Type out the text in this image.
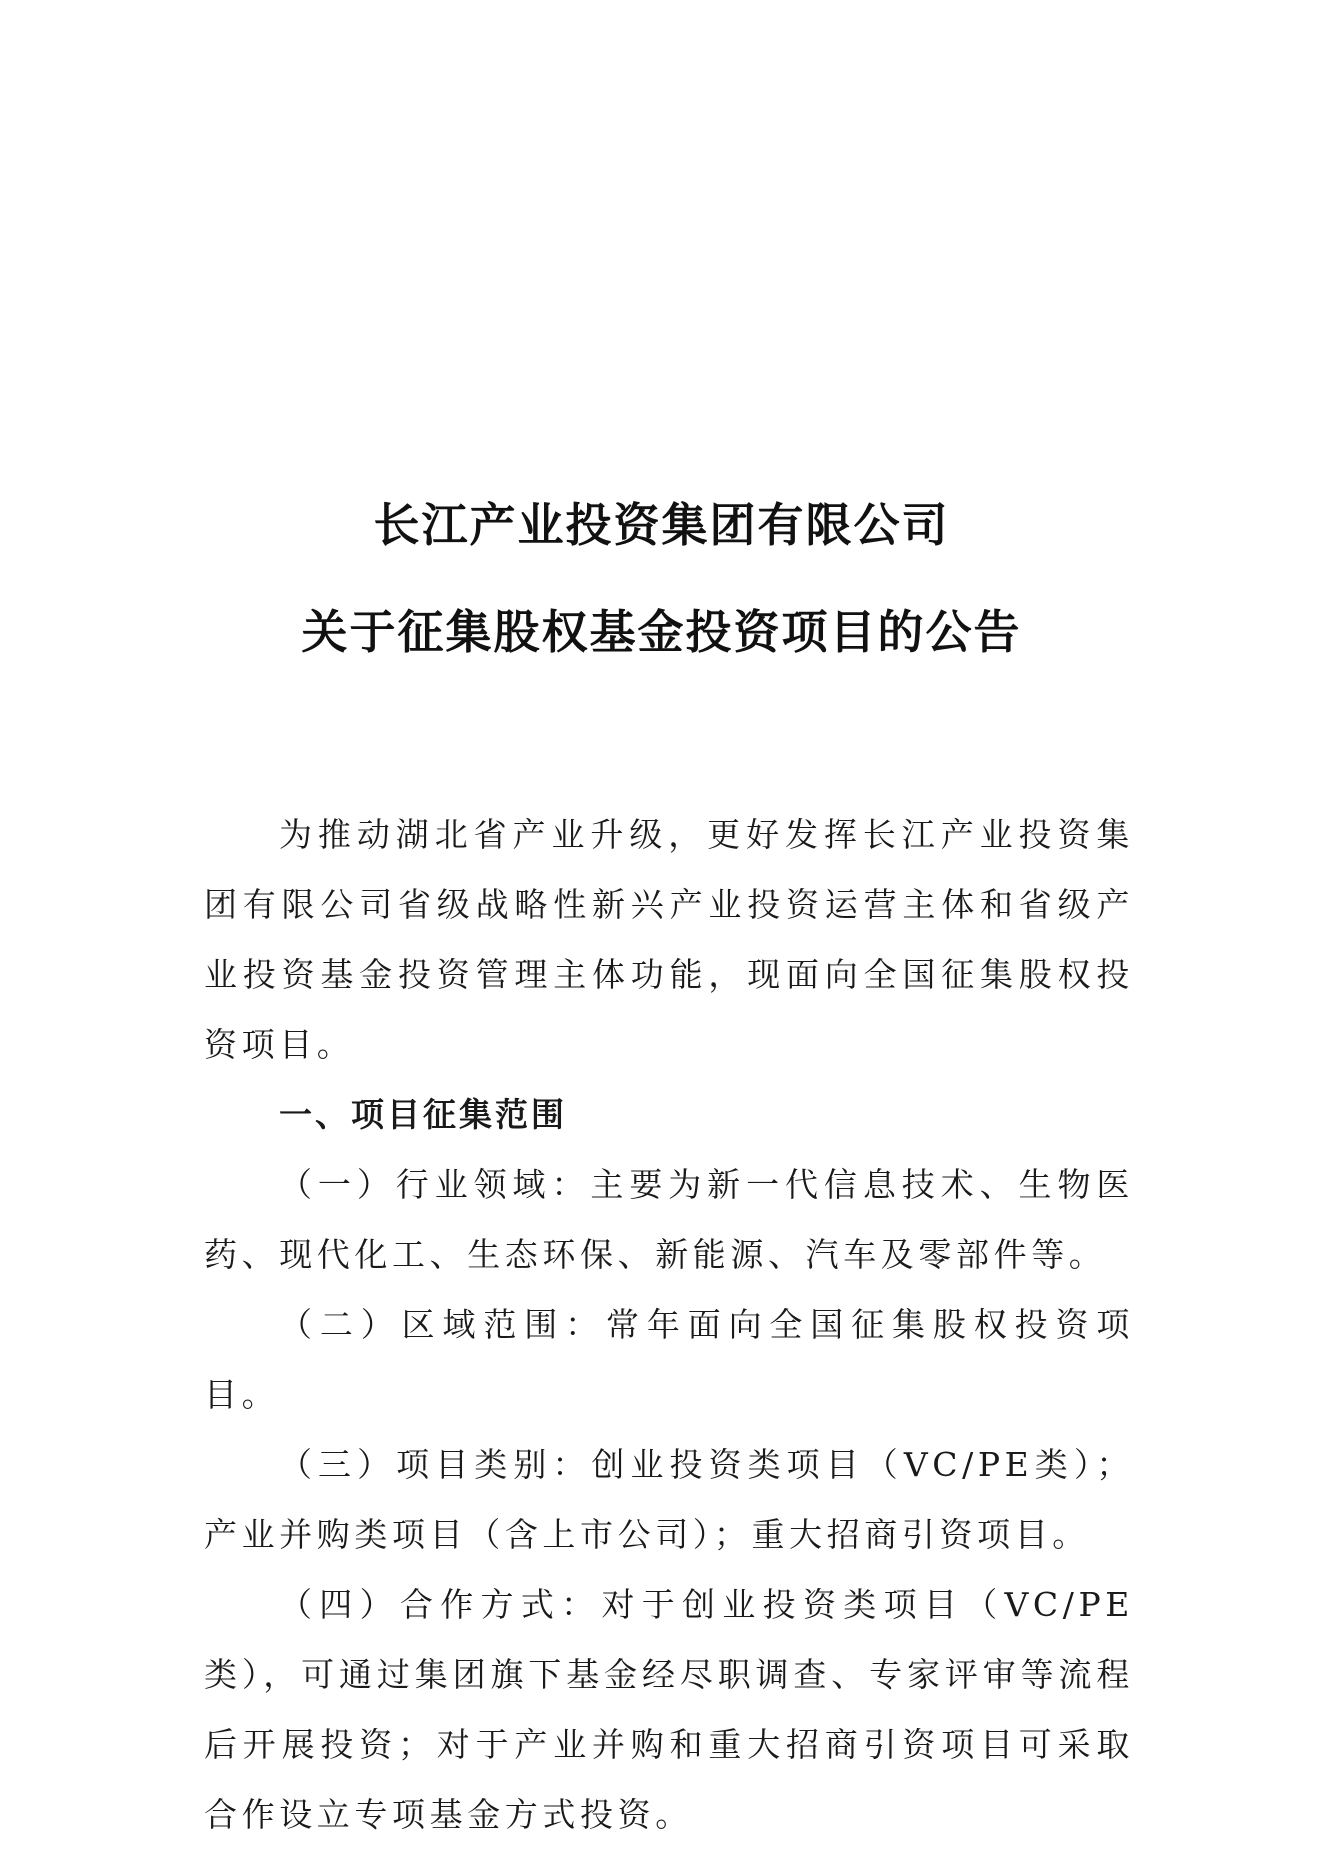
长江产业投资集团有限公司
关于征集股权基金投资项目的公告

为推动湖北省产业升级，更好发挥长江产业投资集团有限公司省级战略性新兴产业投资运营主体和省级产业投资基金投资管理主体功能，现面向全国征集股权投资项目。

一、项目征集范围

（一）行业领域：主要为新一代信息技术、生物医药、现代化工、生态环保、新能源、汽车及零部件等。

（二）区域范围：常年面向全国征集股权投资项目。

（三）项目类别：创业投资类项目（VC/PE类）；产业并购类项目（含上市公司）；重大招商引资项目。

（四）合作方式：对于创业投资类项目（VC/PE类），可通过集团旗下基金经尽职调查、专家评审等流程后开展投资；对于产业并购和重大招商引资项目可采取合作设立专项基金方式投资。
